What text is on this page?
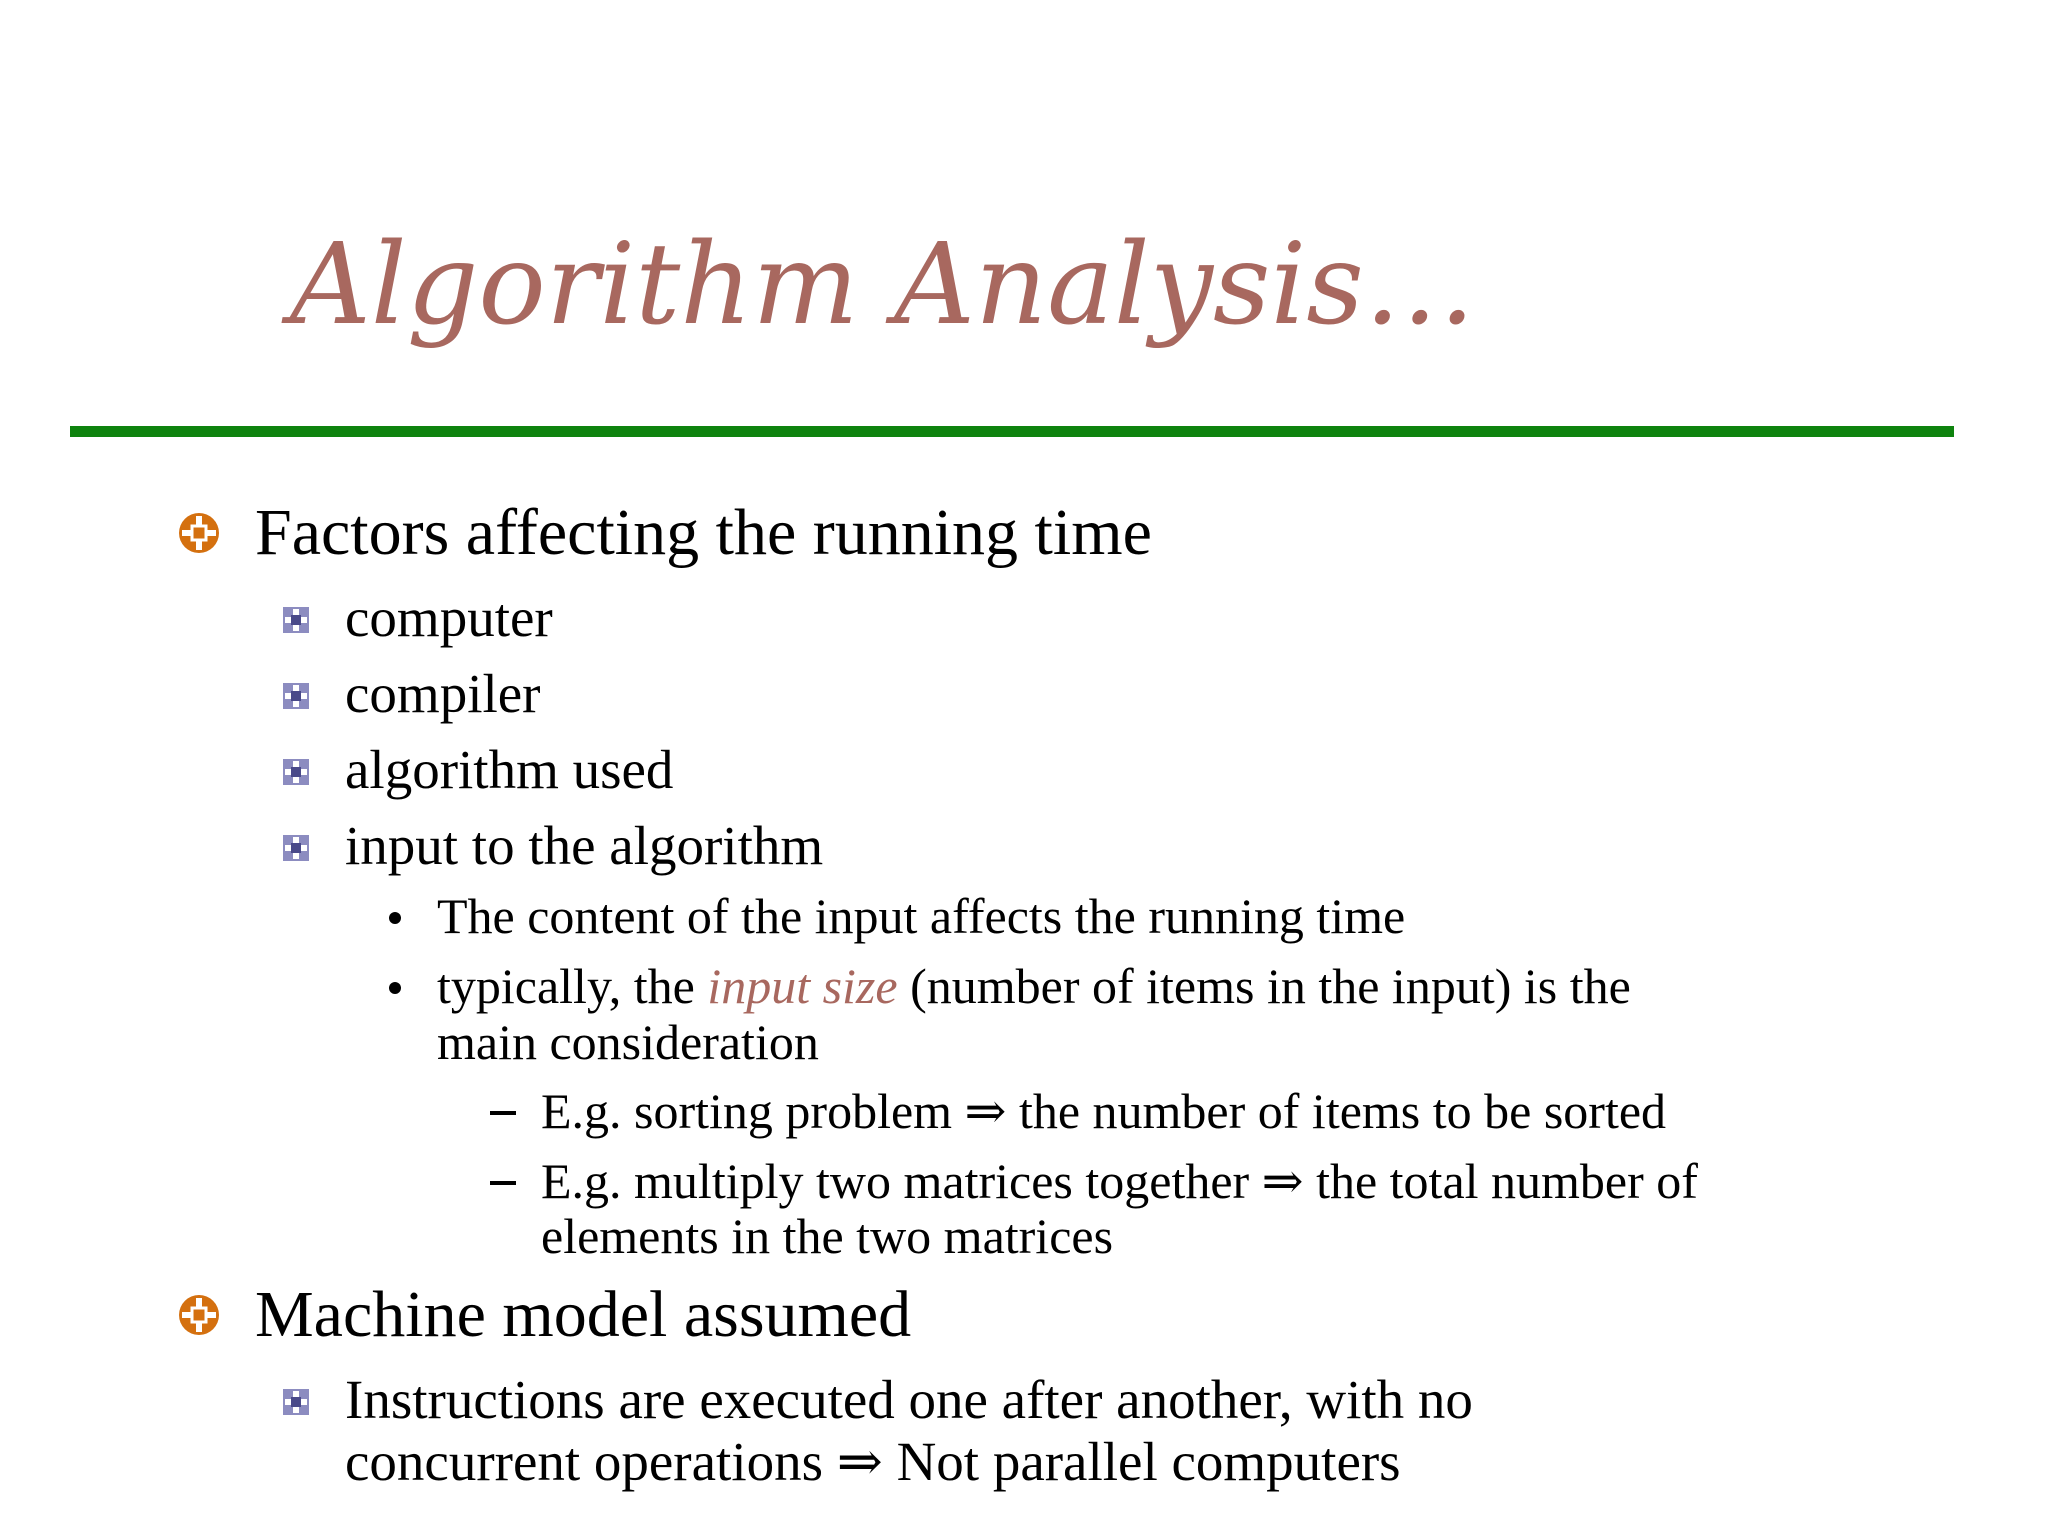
Algorithm Analysis…
Factors affecting the running time
computer
compiler
algorithm used
input to the algorithm
The content of the input affects the running time
typically, the input size (number of items in the input) is the
main consideration
E.g. sorting problem ⇒ the number of items to be sorted
E.g. multiply two matrices together ⇒ the total number of
elements in the two matrices
Machine model assumed
Instructions are executed one after another, with no
concurrent operations ⇒ Not parallel computers
